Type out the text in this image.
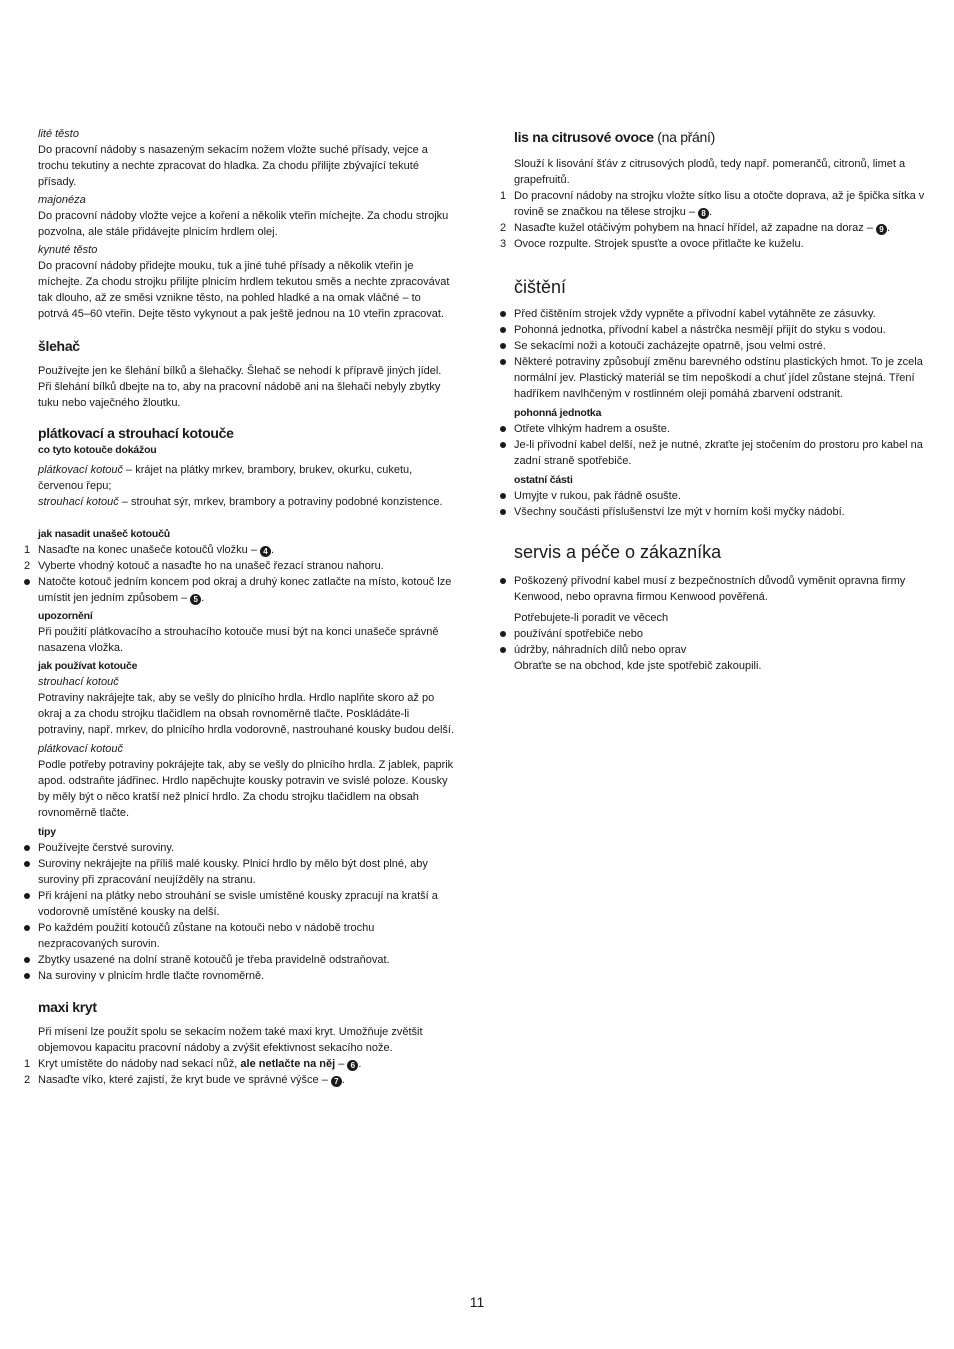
lité těsto

Do pracovní nádoby s nasazeným sekacím nožem vložte suché přísady, vejce a trochu tekutiny a nechte zpracovat do hladka. Za chodu přilijte zbývající tekuté přísady.

majonéza

Do pracovní nádoby vložte vejce a koření a několik vteřin míchejte. Za chodu strojku pozvolna, ale stále přidávejte plnicím hrdlem olej.

kynuté těsto

Do pracovní nádoby přidejte mouku, tuk a jiné tuhé přísady a několik vteřin je míchejte. Za chodu strojku přilijte plnicím hrdlem tekutou směs a nechte zpracovávat tak dlouho, až ze směsi vznikne těsto, na pohled hladké a na omak vláčné – to potrvá 45–60 vteřin. Dejte těsto vykynout a pak ještě jednou na 10 vteřin zpracovat.

šlehač

Používejte jen ke šlehání bílků a šlehačky. Šlehač se nehodí k přípravě jiných jídel. Při šlehání bílků dbejte na to, aby na pracovní nádobě ani na šlehači nebyly zbytky tuku nebo vaječného žloutku.

plátkovací a strouhací kotouče

co tyto kotouče dokážou

plátkovací kotouč – krájet na plátky mrkev, brambory, brukev, okurku, cuketu, červenou řepu;

strouhací kotouč – strouhat sýr, mrkev, brambory a potraviny podobné konzistence.

jak nasadit unašeč kotoučů

1 Nasaďte na konec unašeče kotoučů vložku – 4 .
2 Vyberte vhodný kotouč a nasaďte ho na unašeč řezací stranou nahoru.
Natočte kotouč jedním koncem pod okraj a druhý konec zatlačte na místo, kotouč lze umístit jen jedním způsobem – 5 .

upozornění

Při použití plátkovacího a strouhacího kotouče musí být na konci unašeče správně nasazena vložka.

jak používat kotouče

strouhací kotouč

Potraviny nakrájejte tak, aby se vešly do plnicího hrdla. Hrdlo naplňte skoro až po okraj a za chodu strojku tlačidlem na obsah rovnoměrně tlačte. Poskládáte-li potraviny, např. mrkev, do plnicího hrdla vodorovně, nastrouhané kousky budou delší.

plátkovací kotouč

Podle potřeby potraviny pokrájejte tak, aby se vešly do plnicího hrdla. Z jablek, paprik apod. odstraňte jádřinec. Hrdlo napěchujte kousky potravin ve svislé poloze. Kousky by měly být o něco kratší než plnicí hrdlo. Za chodu strojku tlačidlem na obsah rovnoměrně tlačte.

tipy

Používejte čerstvé suroviny.
Suroviny nekrájejte na příliš malé kousky. Plnicí hrdlo by mělo být dost plné, aby suroviny při zpracování neujížděly na stranu.
Při krájení na plátky nebo strouhání se svisle umístěné kousky zpracují na kratší a vodorovně umístěné kousky na delší.
Po každém použití kotoučů zůstane na kotouči nebo v nádobě trochu nezpracovaných surovin.
Zbytky usazené na dolní straně kotoučů je třeba pravidelně odstraňovat.
Na suroviny v plnicím hrdle tlačte rovnoměrně.

maxi kryt

Při mísení lze použít spolu se sekacím nožem také maxi kryt. Umožňuje zvětšit objemovou kapacitu pracovní nádoby a zvýšit efektivnost sekacího nože.

1 Kryt umístěte do nádoby nad sekací nůž, ale netlačte na něj – 6 .
2 Nasaďte víko, které zajistí, že kryt bude ve správné výšce – 7 .

lis na citrusové ovoce (na přání)

Slouží k lisování šťáv z citrusových plodů, tedy např. pomerančů, citronů, limet a grapefruitů.

1 Do pracovní nádoby na strojku vložte sítko lisu a otočte doprava, až je špička sítka v rovině se značkou na tělese strojku – 8 .
2 Nasaďte kužel otáčivým pohybem na hnací hřídel, až zapadne na doraz – 9 .
3 Ovoce rozpulte. Strojek spusťte a ovoce přitlačte ke kuželu.

čištění

Před čištěním strojek vždy vypněte a přívodní kabel vytáhněte ze zásuvky.
Pohonná jednotka, přívodní kabel a nástrčka nesmějí přijít do styku s vodou.
Se sekacími noži a kotouči zacházejte opatrně, jsou velmi ostré.
Některé potraviny způsobují změnu barevného odstínu plastických hmot. To je zcela normální jev. Plastický materiál se tím nepoškodí a chuť jídel zůstane stejná. Tření hadříkem navlhčeným v rostlinném oleji pomáhá zbarvení odstranit.

pohonná jednotka

Otřete vlhkým hadrem a osušte.
Je-li přívodní kabel delší, než je nutné, zkraťte jej stočením do prostoru pro kabel na zadní straně spotřebiče.

ostatní části

Umyjte v rukou, pak řádně osušte.
Všechny součásti příslušenství lze mýt v horním koši myčky nádobí.

servis a péče o zákazníka

Poškozený přívodní kabel musí z bezpečnostních důvodů vyměnit opravna firmy Kenwood, nebo opravna firmou Kenwood pověřená.

Potřebujete-li poradit ve věcech

používání spotřebiče nebo
údržby, náhradních dílů nebo oprav

Obraťte se na obchod, kde jste spotřebič zakoupili.

11
